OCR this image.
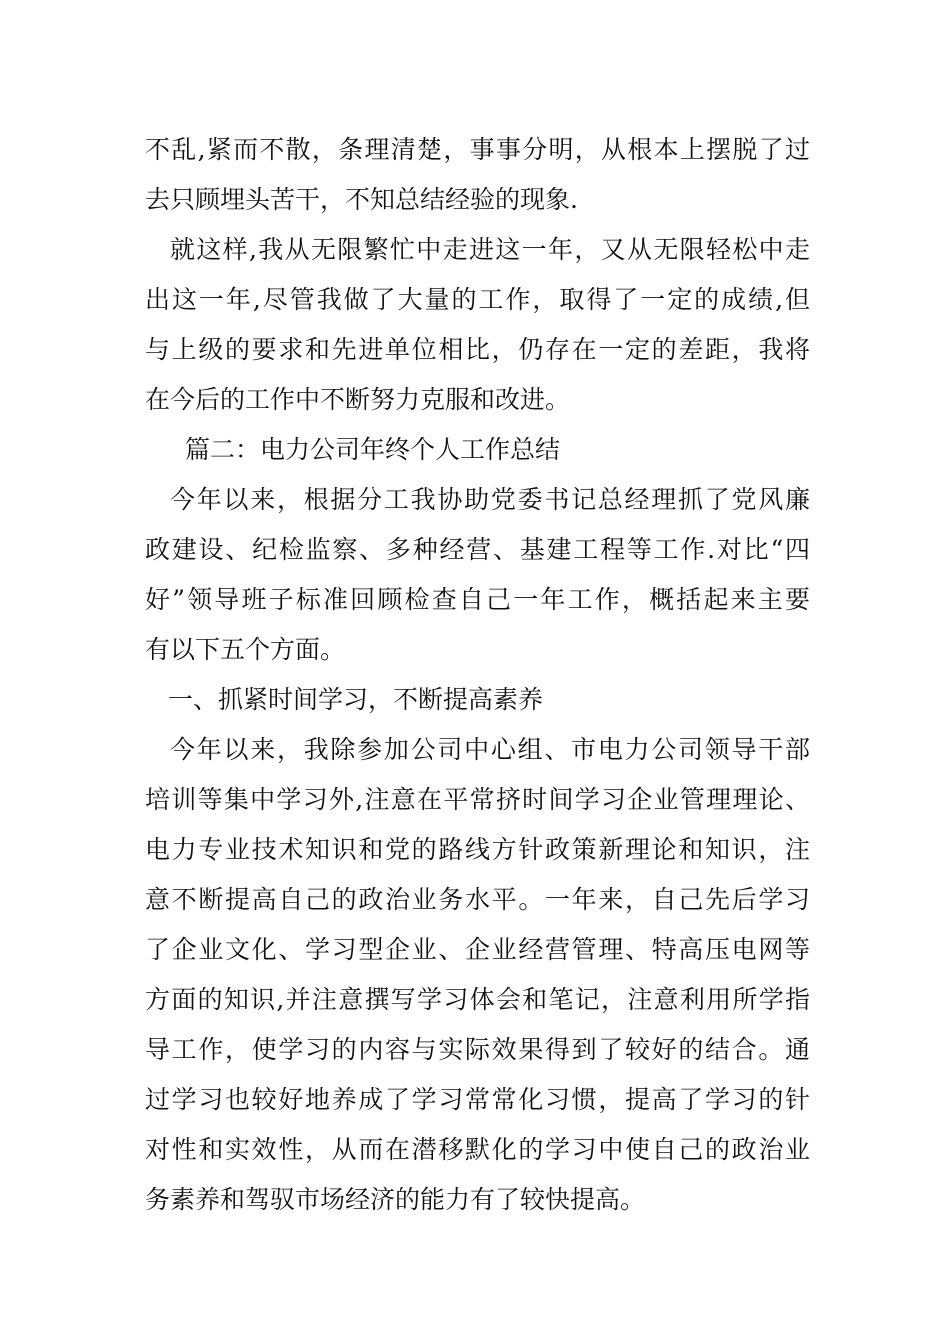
不乱,紧而不散，条理清楚，事事分明，从根本上摆脱了过
去只顾埋头苦干，不知总结经验的现象.
就这样,我从无限繁忙中走进这一年，又从无限轻松中走
出这一年,尽管我做了大量的工作，取得了一定的成绩,但
与上级的要求和先进单位相比，仍存在一定的差距，我将
在今后的工作中不断努力克服和改进。
篇二：电力公司年终个人工作总结
今年以来，根据分工我协助党委书记总经理抓了党风廉
政建设、纪检监察、多种经营、基建工程等工作.对比“四
好”领导班子标准回顾检查自己一年工作，概括起来主要
有以下五个方面。
一、抓紧时间学习，不断提高素养
今年以来，我除参加公司中心组、市电力公司领导干部
培训等集中学习外,注意在平常挤时间学习企业管理理论、
电力专业技术知识和党的路线方针政策新理论和知识，注
意不断提高自己的政治业务水平。一年来，自己先后学习
了企业文化、学习型企业、企业经营管理、特高压电网等
方面的知识,并注意撰写学习体会和笔记，注意利用所学指
导工作，使学习的内容与实际效果得到了较好的结合。通
过学习也较好地养成了学习常常化习惯，提高了学习的针
对性和实效性，从而在潜移默化的学习中使自己的政治业
务素养和驾驭市场经济的能力有了较快提高。
